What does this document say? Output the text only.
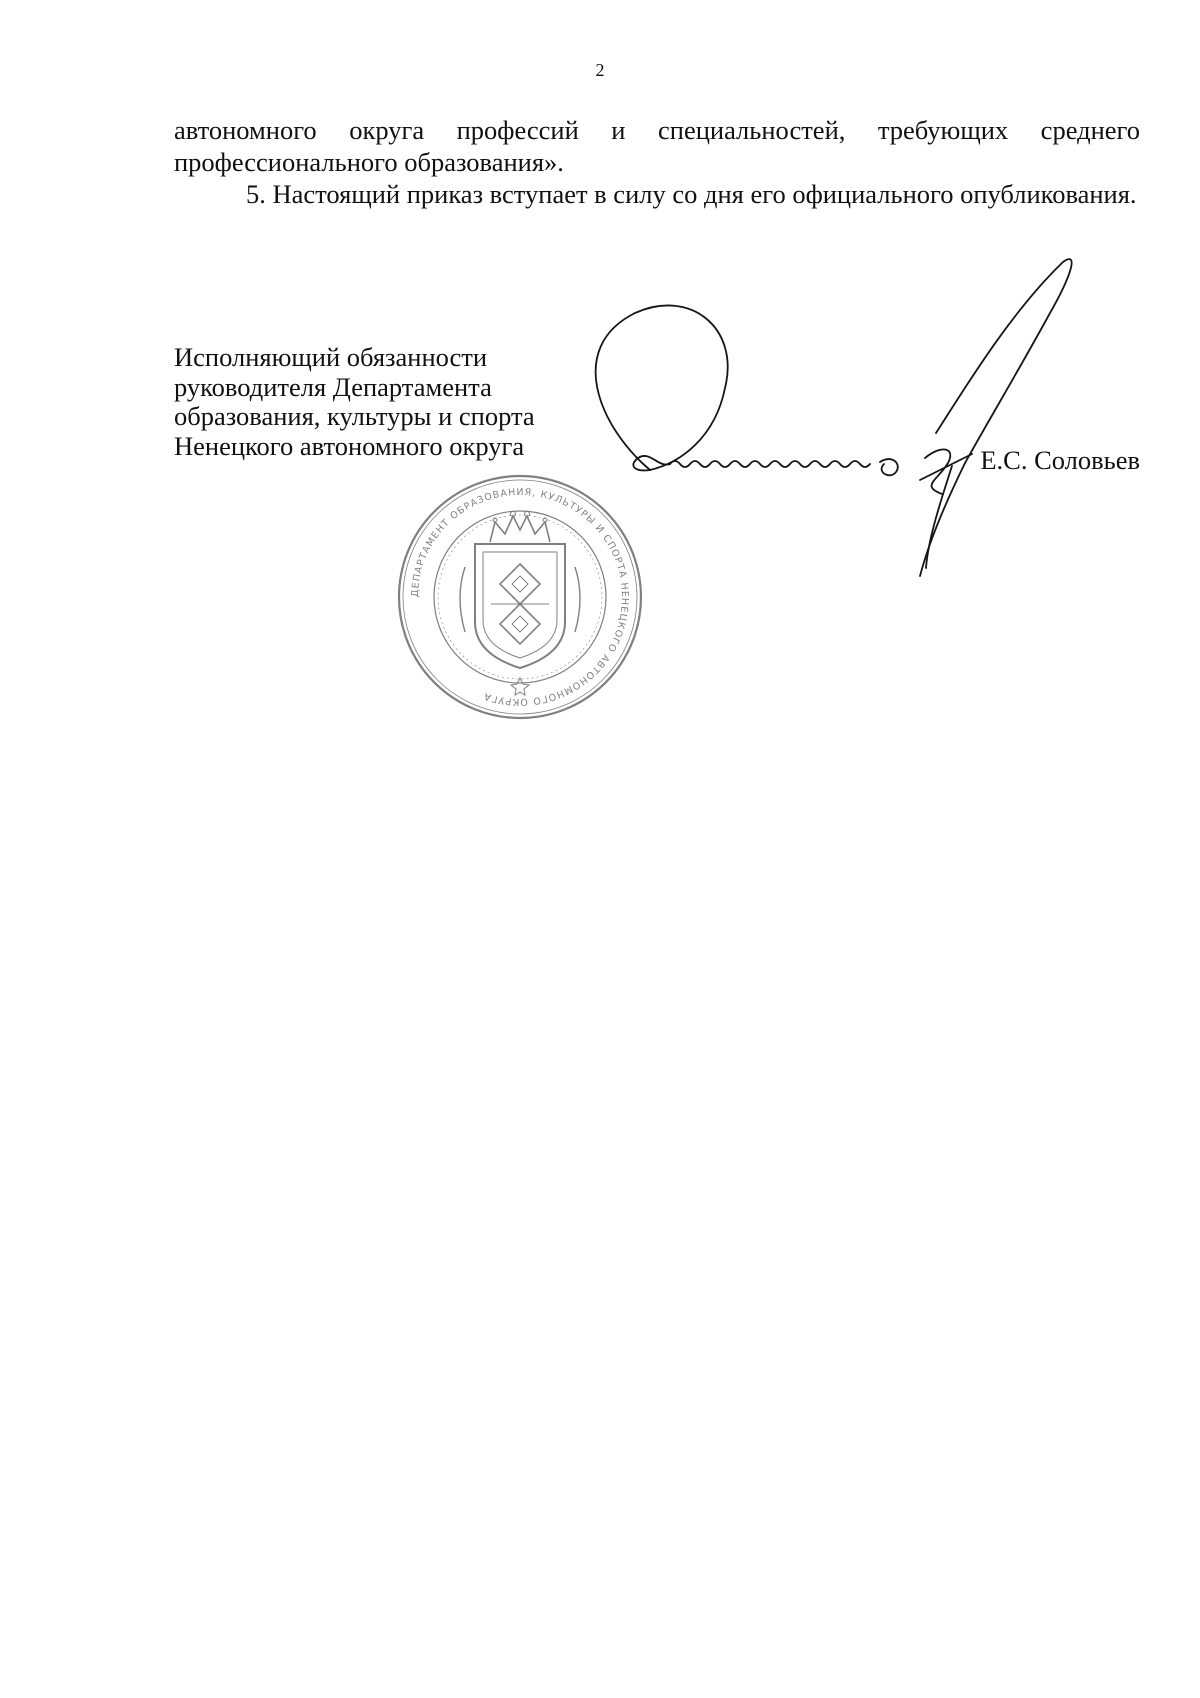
2

автономного округа профессий и специальностей, требующих среднего профессионального образования».

5. Настоящий приказ вступает в силу со дня его официального опубликования.

ДЕПАРТАМЕНТ ОБРАЗОВАНИЯ, КУЛЬТУРЫ И СПОРТА НЕНЕЦКОГО АВТОНОМНОГО ОКРУГА
Исполняющий обязанности
руководителя Департамента
образования, культуры и спорта
Ненецкого автономного округа	Е.С. Соловьев
